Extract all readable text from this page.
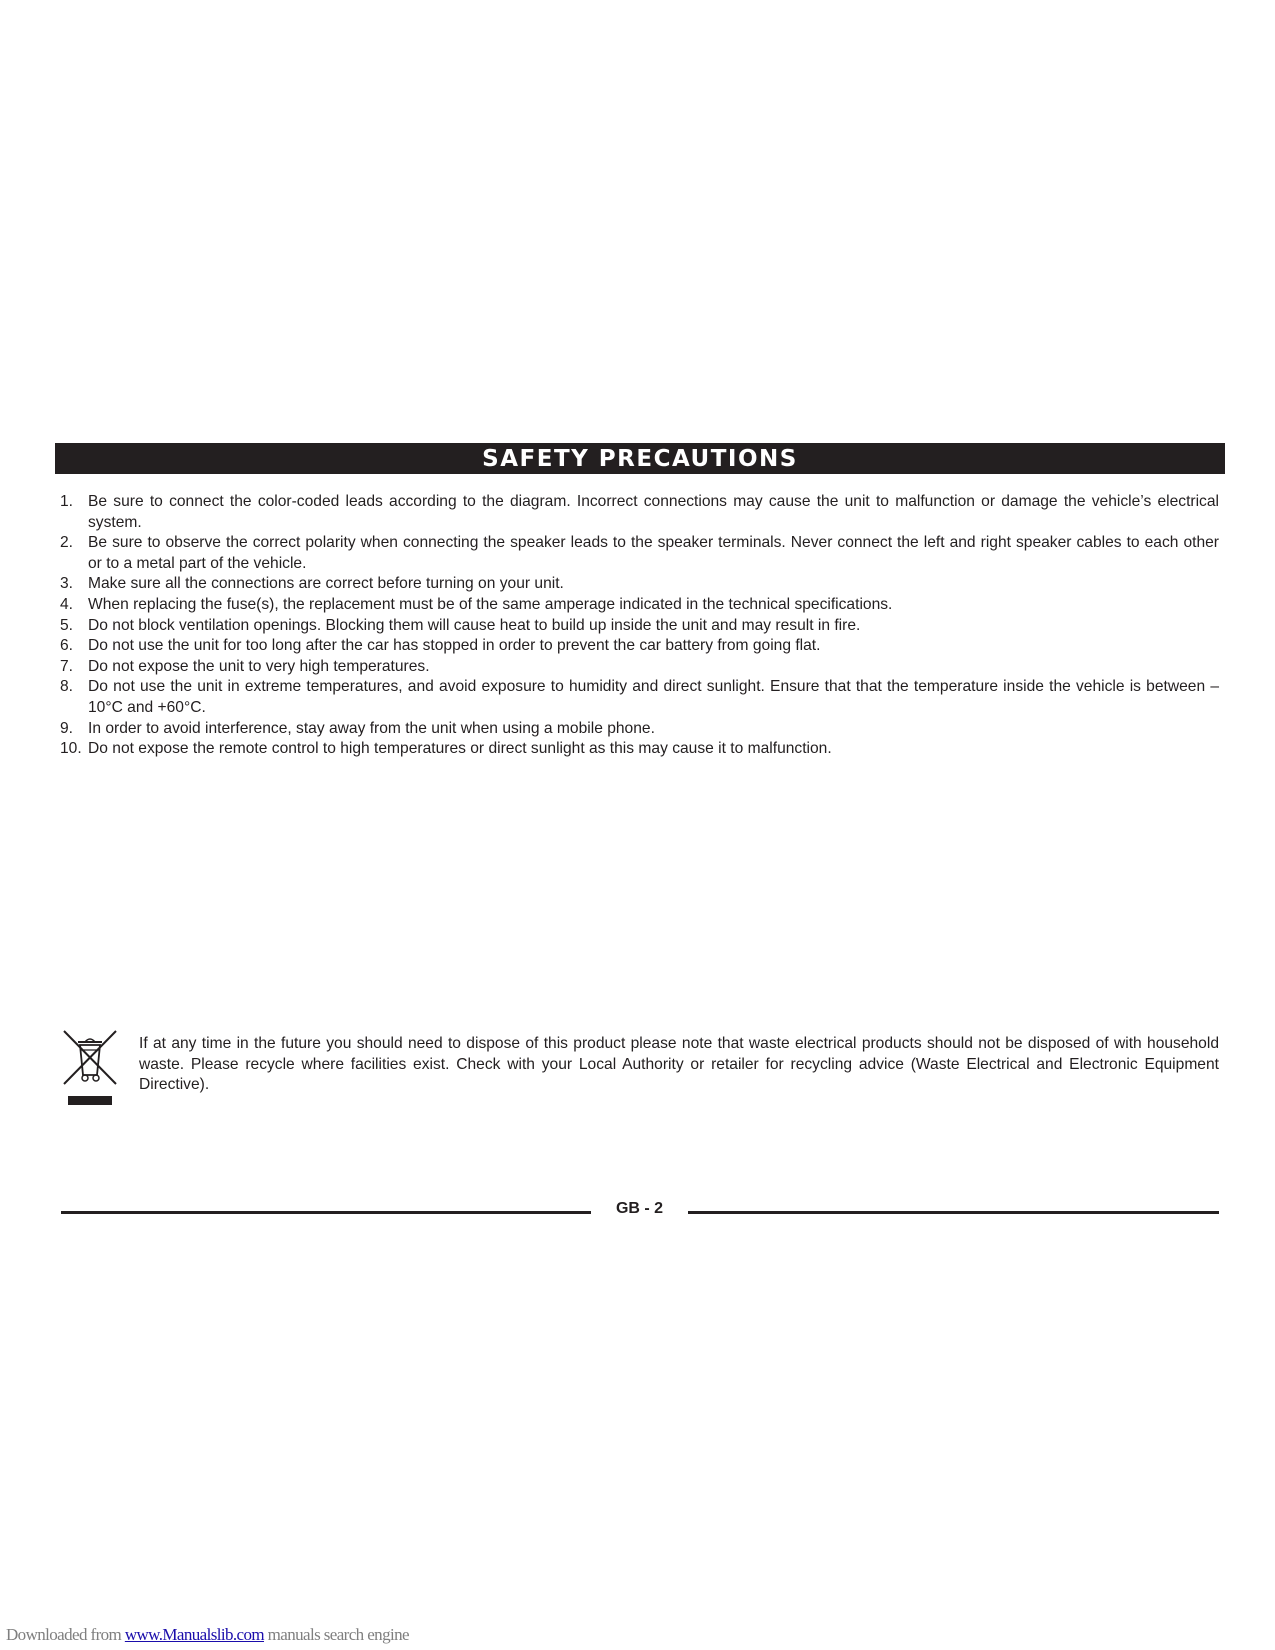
SAFETY PRECAUTIONS
1. Be sure to connect the color-coded leads according to the diagram. Incorrect connections may cause the unit to malfunction or damage the vehicle’s electrical system.
2. Be sure to observe the correct polarity when connecting the speaker leads to the speaker terminals. Never connect the left and right speaker cables to each other or to a metal part of the vehicle.
3. Make sure all the connections are correct before turning on your unit.
4. When replacing the fuse(s), the replacement must be of the same amperage indicated in the technical specifications.
5. Do not block ventilation openings. Blocking them will cause heat to build up inside the unit and may result in fire.
6. Do not use the unit for too long after the car has stopped in order to prevent the car battery from going flat.
7. Do not expose the unit to very high temperatures.
8. Do not use the unit in extreme temperatures, and avoid exposure to humidity and direct sunlight. Ensure that that the temperature inside the vehicle is between –10°C and +60°C.
9. In order to avoid interference, stay away from the unit when using a mobile phone.
10. Do not expose the remote control to high temperatures or direct sunlight as this may cause it to malfunction.

If at any time in the future you should need to dispose of this product please note that waste electrical products should not be disposed of with household waste. Please recycle where facilities exist. Check with your Local Authority or retailer for recycling advice (Waste Electrical and Electronic Equipment Directive).

GB - 2
Downloaded from www.Manualslib.com manuals search engine
